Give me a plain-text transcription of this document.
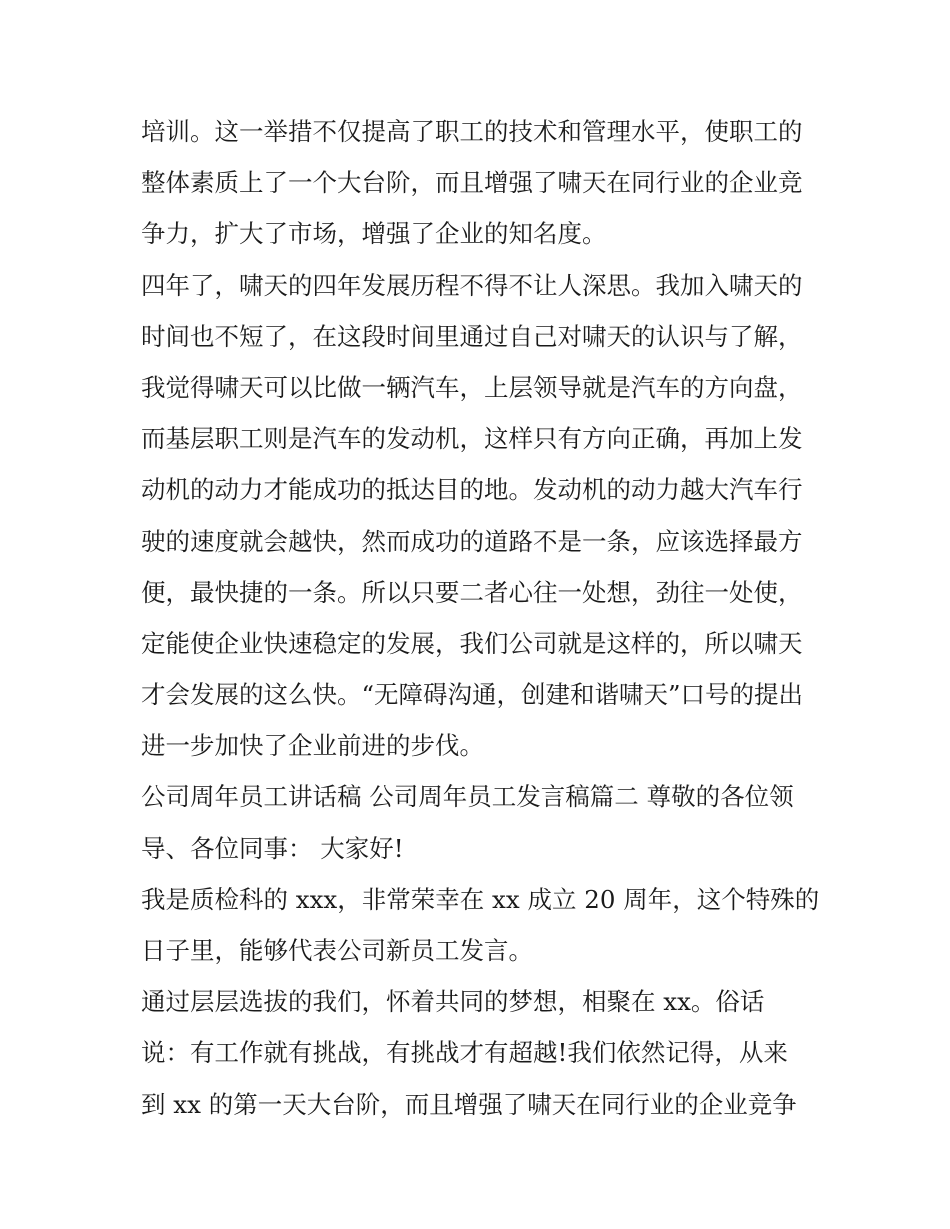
培训。这一举措不仅提高了职工的技术和管理水平，使职工的
整体素质上了一个大台阶，而且增强了啸天在同行业的企业竞
争力，扩大了市场，增强了企业的知名度。
四年了，啸天的四年发展历程不得不让人深思。我加入啸天的
时间也不短了，在这段时间里通过自己对啸天的认识与了解，
我觉得啸天可以比做一辆汽车，上层领导就是汽车的方向盘，
而基层职工则是汽车的发动机，这样只有方向正确，再加上发
动机的动力才能成功的抵达目的地。发动机的动力越大汽车行
驶的速度就会越快，然而成功的道路不是一条，应该选择最方
便，最快捷的一条。所以只要二者心往一处想，劲往一处使，
定能使企业快速稳定的发展，我们公司就是这样的，所以啸天
才会发展的这么快。“无障碍沟通，创建和谐啸天”口号的提出
进一步加快了企业前进的步伐。
公司周年员工讲话稿 公司周年员工发言稿篇二 尊敬的各位领
导、各位同事： 大家好!
我是质检科的 xxx，非常荣幸在 xx 成立 20 周年，这个特殊的
日子里，能够代表公司新员工发言。
通过层层选拔的我们，怀着共同的梦想，相聚在 xx。俗话
说：有工作就有挑战，有挑战才有超越!我们依然记得，从来
到 xx 的第一天大台阶，而且增强了啸天在同行业的企业竞争
